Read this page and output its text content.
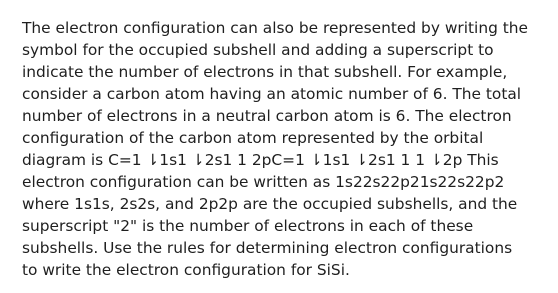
The electron configuration can also be represented by writing the
symbol for the occupied subshell and adding a superscript to
indicate the number of electrons in that subshell. For example,
consider a carbon atom having an atomic number of 6. The total
number of electrons in a neutral carbon atom is 6. The electron
configuration of the carbon atom represented by the orbital
diagram is C=1 ⇂1s1 ⇂2s1 1 2pC=1 ⇂1s1 ⇂2s1 1 1 ⇂2p This
electron configuration can be written as 1s22s22p21s22s22p2
where 1s1s, 2s2s, and 2p2p are the occupied subshells, and the
superscript "2" is the number of electrons in each of these
subshells. Use the rules for determining electron configurations
to write the electron configuration for SiSi.
